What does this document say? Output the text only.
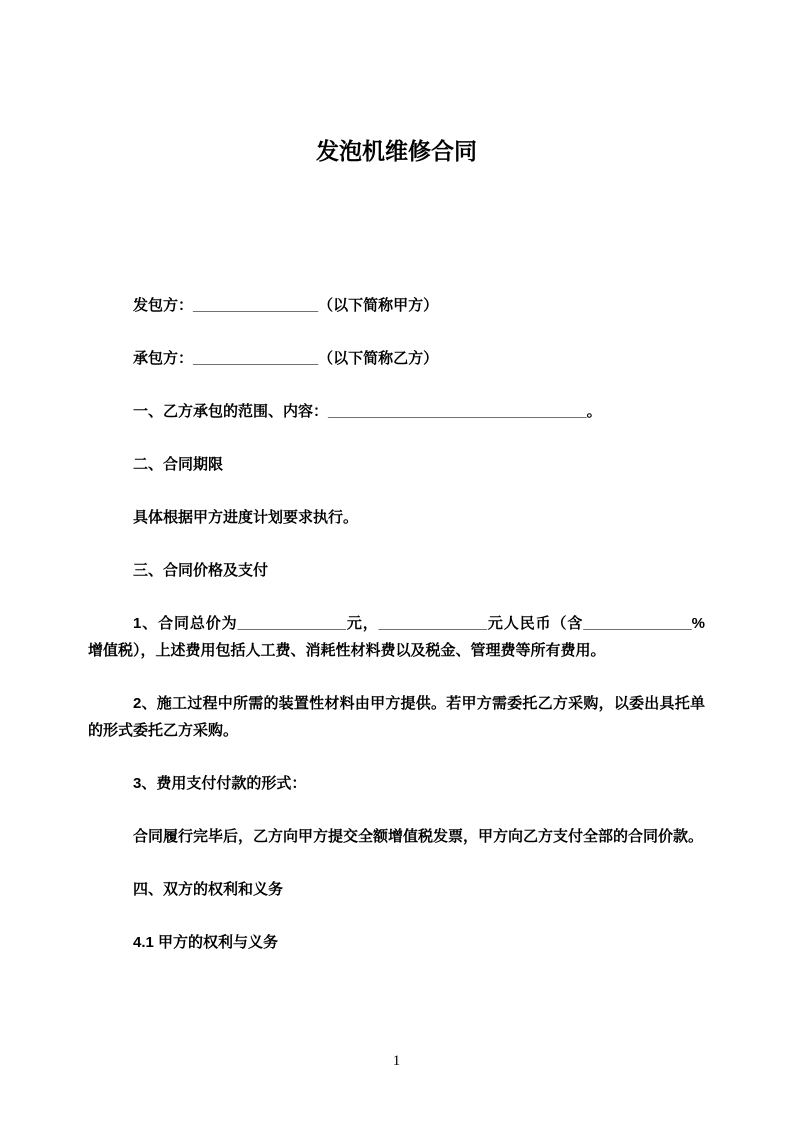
发泡机维修合同

发包方：_______________（以下简称甲方）

承包方：_______________（以下简称乙方）

一、乙方承包的范围、内容：_______________________________。

二、合同期限

具体根据甲方进度计划要求执行。

三、合同价格及支付

1、合同总价为_____________元，_____________元人民币（含_____________%增值税），上述费用包括人工费、消耗性材料费以及税金、管理费等所有费用。

2、施工过程中所需的装置性材料由甲方提供。若甲方需委托乙方采购，以委出具托单的形式委托乙方采购。

3、费用支付付款的形式：

合同履行完毕后，乙方向甲方提交全额增值税发票，甲方向乙方支付全部的合同价款。

四、双方的权利和义务

4.1 甲方的权利与义务

1
